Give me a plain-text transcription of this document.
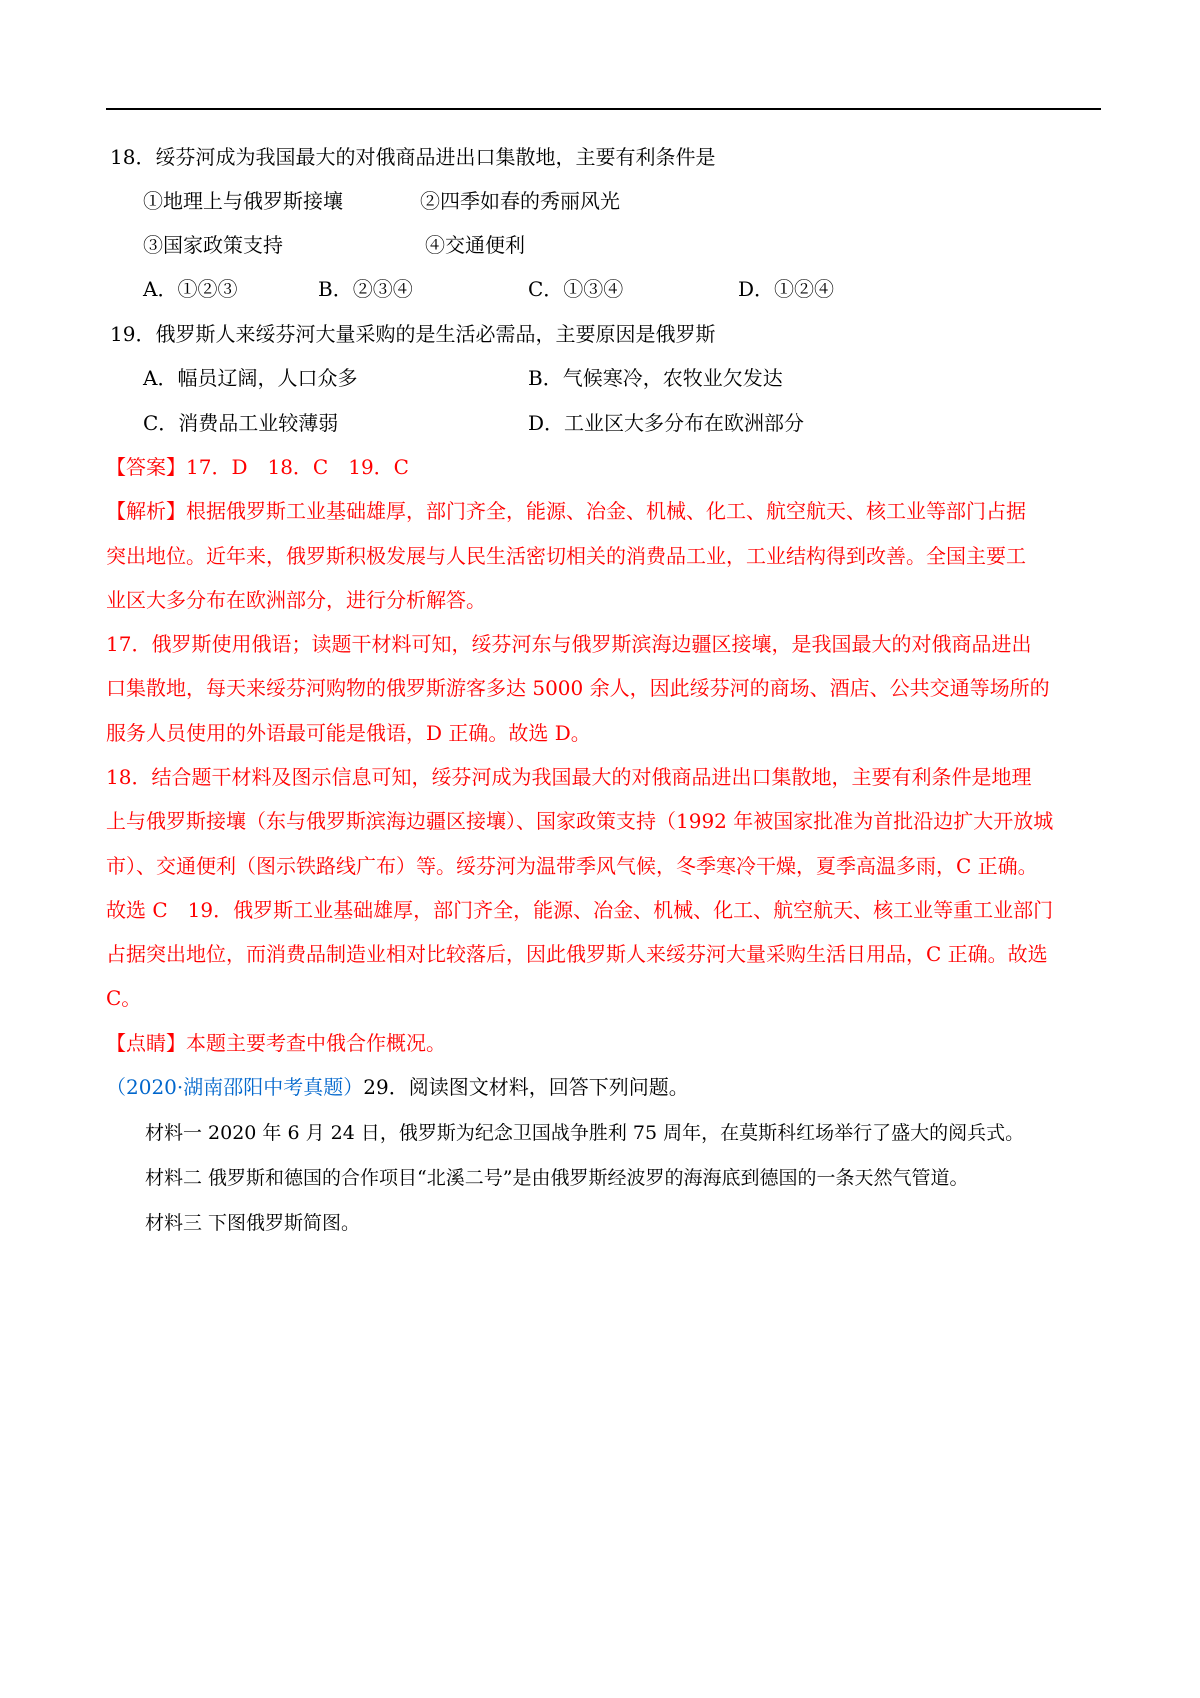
18．绥芬河成为我国最大的对俄商品进出口集散地，主要有利条件是
①地理上与俄罗斯接壤	②四季如春的秀丽风光
③国家政策支持	④交通便利
A．①②③	B．②③④	C．①③④	D．①②④
19．俄罗斯人来绥芬河大量采购的是生活必需品，主要原因是俄罗斯
A．幅员辽阔，人口众多	B．气候寒冷，农牧业欠发达
C．消费品工业较薄弱	D．工业区大多分布在欧洲部分
【答案】17．D　18．C　19．C
【解析】根据俄罗斯工业基础雄厚，部门齐全，能源、冶金、机械、化工、航空航天、核工业等部门占据
突出地位。近年来，俄罗斯积极发展与人民生活密切相关的消费品工业，工业结构得到改善。全国主要工
业区大多分布在欧洲部分，进行分析解答。
17．俄罗斯使用俄语；读题干材料可知，绥芬河东与俄罗斯滨海边疆区接壤，是我国最大的对俄商品进出
口集散地，每天来绥芬河购物的俄罗斯游客多达 5000 余人，因此绥芬河的商场、酒店、公共交通等场所的
服务人员使用的外语最可能是俄语，D 正确。故选 D。
18．结合题干材料及图示信息可知，绥芬河成为我国最大的对俄商品进出口集散地，主要有利条件是地理
上与俄罗斯接壤（东与俄罗斯滨海边疆区接壤）、国家政策支持（1992 年被国家批准为首批沿边扩大开放城
市）、交通便利（图示铁路线广布）等。绥芬河为温带季风气候，冬季寒冷干燥，夏季高温多雨，C 正确。
故选 C　19．俄罗斯工业基础雄厚，部门齐全，能源、冶金、机械、化工、航空航天、核工业等重工业部门
占据突出地位，而消费品制造业相对比较落后，因此俄罗斯人来绥芬河大量采购生活日用品，C 正确。故选
C。
【点睛】本题主要考查中俄合作概况。
（2020·湖南邵阳中考真题）29．阅读图文材料，回答下列问题。
材料一 2020 年 6 月 24 日，俄罗斯为纪念卫国战争胜利 75 周年，在莫斯科红场举行了盛大的阅兵式。
材料二 俄罗斯和德国的合作项目“北溪二号”是由俄罗斯经波罗的海海底到德国的一条天然气管道。
材料三 下图俄罗斯简图。
